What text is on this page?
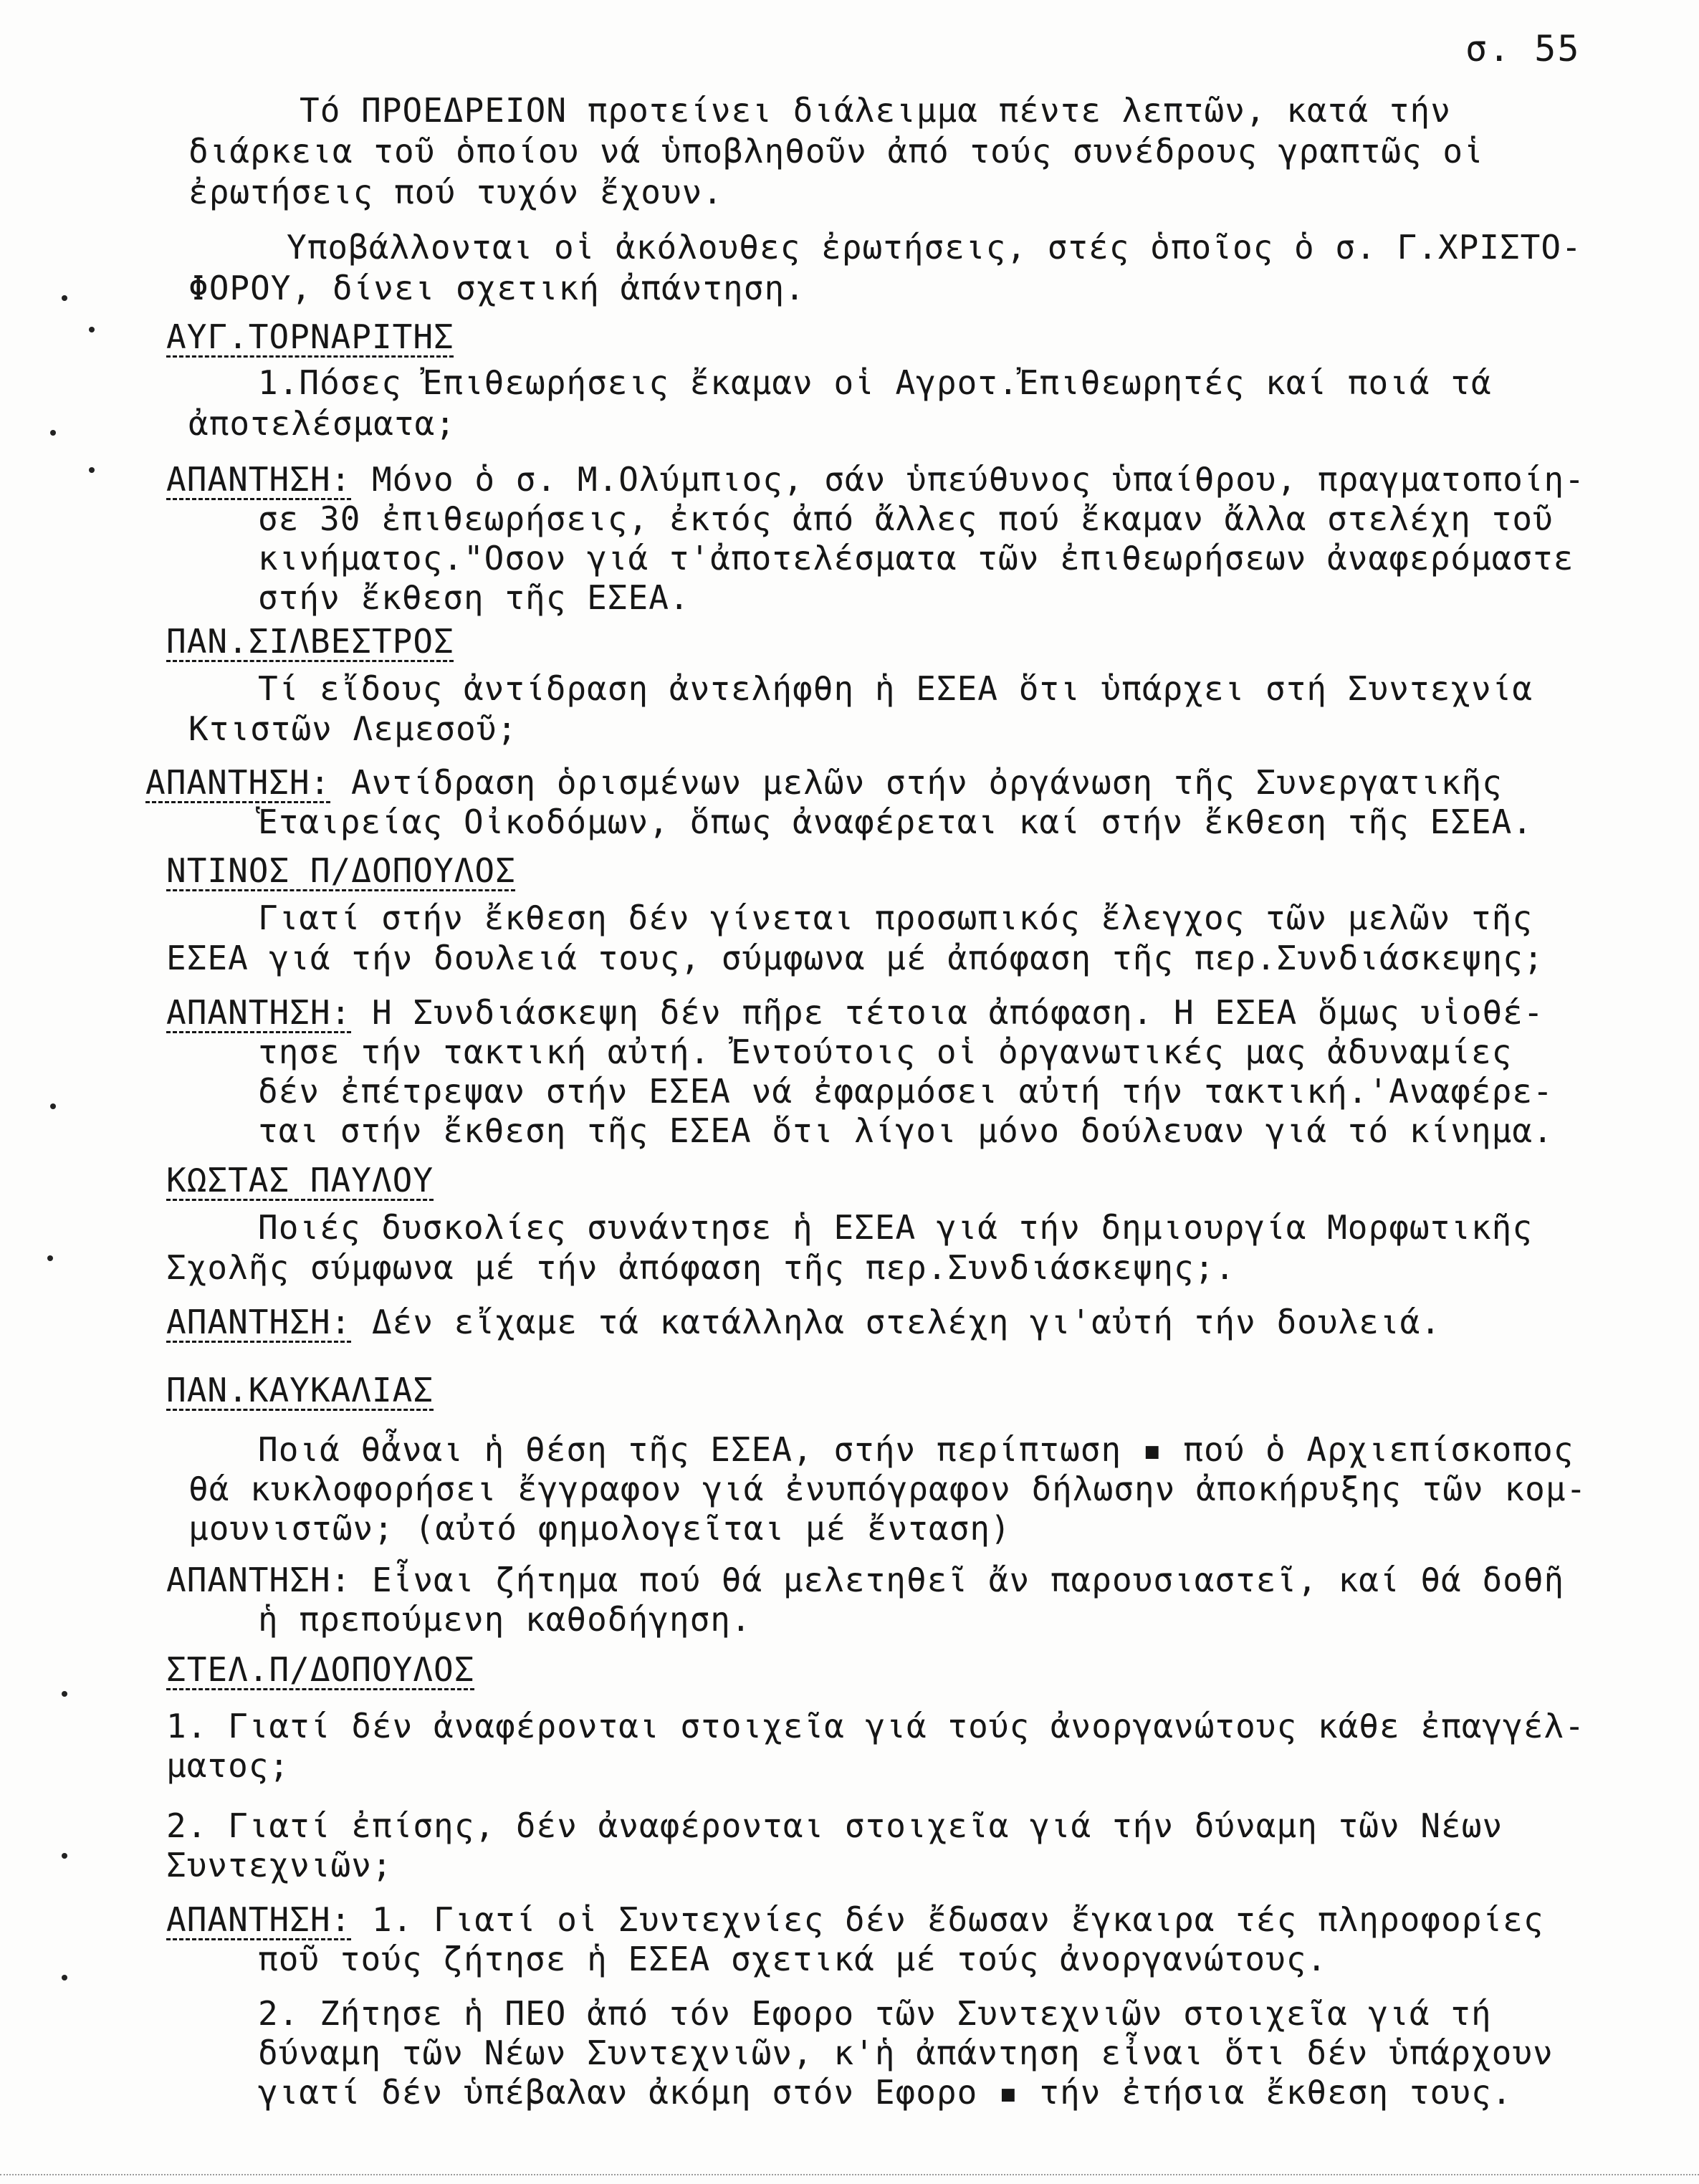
σ. 55
Τό ΠΡΟΕΔΡΕΙΟΝ προτείνει διάλειμμα πέντε λεπτῶν, κατά τήν
διάρκεια τοῦ ὁποίου νά ὑποβληθοῦν ἀπό τούς συνέδρους γραπτῶς οἱ
ἐρωτήσεις πού τυχόν ἔχουν.
Υποβάλλονται οἱ ἀκόλουθες ἐρωτήσεις, στές ὁποῖος ὁ σ. Γ.ΧΡΙΣΤΟ-
ΦΟΡΟΥ, δίνει σχετική ἀπάντηση.
ΑΥΓ.ΤΟΡΝΑΡΙΤΗΣ
1.Πόσες Ἐπιθεωρήσεις ἔκαμαν οἱ Αγροτ.Ἐπιθεωρητές καί ποιά τά
ἀποτελέσματα;
ΑΠΑΝΤΗΣΗ: Μόνο ὁ σ. Μ.Ολύμπιος, σάν ὑπεύθυνος ὑπαίθρου, πραγματοποίη-
σε 30 ἐπιθεωρήσεις, ἐκτός ἀπό ἄλλες πού ἔκαμαν ἄλλα στελέχη τοῦ
κινήματος."Οσον γιά τ'ἀποτελέσματα τῶν ἐπιθεωρήσεων ἀναφερόμαστε
στήν ἔκθεση τῆς ΕΣΕΑ.
ΠΑΝ.ΣΙΛΒΕΣΤΡΟΣ
Τί εἴδους ἀντίδραση ἀντελήφθη ἡ ΕΣΕΑ ὅτι ὑπάρχει στή Συντεχνία
Κτιστῶν Λεμεσοῦ;
ΑΠΑΝΤΗΣΗ: Αντίδραση ὁρισμένων μελῶν στήν ὀργάνωση τῆς Συνεργατικῆς
Ἑταιρείας Οἰκοδόμων, ὅπως ἀναφέρεται καί στήν ἔκθεση τῆς ΕΣΕΑ.
ΝΤΙΝΟΣ Π/ΔΟΠΟΥΛΟΣ
Γιατί στήν ἔκθεση δέν γίνεται προσωπικός ἔλεγχος τῶν μελῶν τῆς
ΕΣΕΑ γιά τήν δουλειά τους, σύμφωνα μέ ἀπόφαση τῆς περ.Συνδιάσκεψης;
ΑΠΑΝΤΗΣΗ: Η Συνδιάσκεψη δέν πῆρε τέτοια ἀπόφαση. Η ΕΣΕΑ ὅμως υἱοθέ-
τησε τήν τακτική αὐτή. Ἐντούτοις οἱ ὀργανωτικές μας ἀδυναμίες
δέν ἐπέτρεψαν στήν ΕΣΕΑ νά ἐφαρμόσει αὐτή τήν τακτική.'Αναφέρε-
ται στήν ἔκθεση τῆς ΕΣΕΑ ὅτι λίγοι μόνο δούλευαν γιά τό κίνημα.
ΚΩΣΤΑΣ ΠΑΥΛΟΥ
Ποιές δυσκολίες συνάντησε ἡ ΕΣΕΑ γιά τήν δημιουργία Μορφωτικῆς
Σχολῆς σύμφωνα μέ τήν ἀπόφαση τῆς περ.Συνδιάσκεψης;.
ΑΠΑΝΤΗΣΗ: Δέν εἴχαμε τά κατάλληλα στελέχη γι'αὐτή τήν δουλειά.
ΠΑΝ.ΚΑΥΚΑΛΙΑΣ
Ποιά θἆναι ἡ θέση τῆς ΕΣΕΑ, στήν περίπτωση ▪ πού ὁ Αρχιεπίσκοπος
θά κυκλοφορήσει ἔγγραφον γιά ἐνυπόγραφον δήλωσην ἀποκήρυξης τῶν κομ-
μουνιστῶν; (αὐτό φημολογεῖται μέ ἔνταση)
ΑΠΑΝΤΗΣΗ: Εἶναι ζήτημα πού θά μελετηθεῖ ἄν παρουσιαστεῖ, καί θά δοθῆ
ἡ πρεπούμενη καθοδήγηση.
ΣΤΕΛ.Π/ΔΟΠΟΥΛΟΣ
1. Γιατί δέν ἀναφέρονται στοιχεῖα γιά τούς ἀνοργανώτους κάθε ἐπαγγέλ-
ματος;
2. Γιατί ἐπίσης, δέν ἀναφέρονται στοιχεῖα γιά τήν δύναμη τῶν Νέων
Συντεχνιῶν;
ΑΠΑΝΤΗΣΗ: 1. Γιατί οἱ Συντεχνίες δέν ἔδωσαν ἔγκαιρα τές πληροφορίες
ποῦ τούς ζήτησε ἡ ΕΣΕΑ σχετικά μέ τούς ἀνοργανώτους.
2. Ζήτησε ἡ ΠΕΟ ἀπό τόν Εφορο τῶν Συντεχνιῶν στοιχεῖα γιά τή
δύναμη τῶν Νέων Συντεχνιῶν, κ'ἡ ἀπάντηση εἶναι ὅτι δέν ὑπάρχουν
γιατί δέν ὑπέβαλαν ἀκόμη στόν Εφορο ▪ τήν ἐτήσια ἔκθεση τους.
